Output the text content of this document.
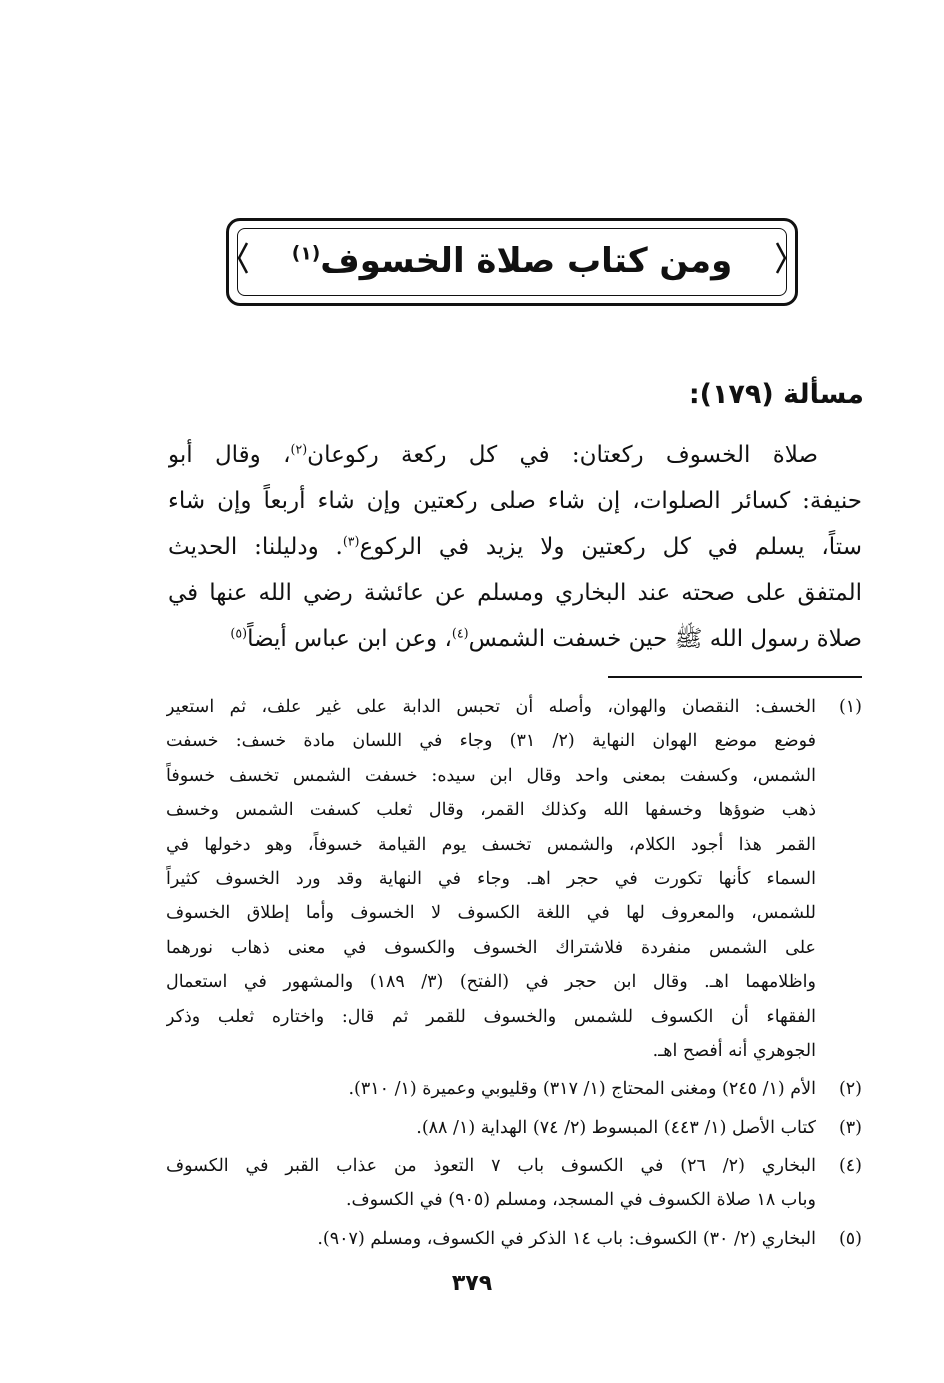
ومن كتاب صلاة الخسوف$^{(١)}$
مسألة (١٧٩):
صلاة الخسوف ركعتان: في كل ركعة ركوعان$^{(٢)}$، وقال أبو
حنيفة: كسائر الصلوات، إن شاء صلى ركعتين وإن شاء أربعاً وإن شاء
ستاً، يسلم في كل ركعتين ولا يزيد في الركوع$^{(٣)}$. ودليلنا: الحديث
المتفق على صحته عند البخاري ومسلم عن عائشة رضي الله عنها في
صلاة رسول الله ﷺ حين خسفت الشمس$^{(٤)}$، وعن ابن عباس أيضاً$^{(٥)}$
(١)
الخسف: النقصان والهوان، وأصله أن تحبس الدابة على غير علف، ثم استعير
فوضع موضع الهوان النهاية (٢/ ٣١) وجاء في اللسان مادة خسف: خسفت
الشمس، وكسفت بمعنى واحد وقال ابن سيده: خسفت الشمس تخسف خسوفاً
ذهب ضوؤها وخسفها الله وكذلك القمر، وقال ثعلب كسفت الشمس وخسف
القمر هذا أجود الكلام، والشمس تخسف يوم القيامة خسوفاً، وهو دخولها في
السماء كأنها تكورت في حجر اهـ. وجاء في النهاية وقد ورد الخسوف كثيراً
للشمس، والمعروف لها في اللغة الكسوف لا الخسوف وأما إطلاق الخسوف
على الشمس منفردة فلاشتراك الخسوف والكسوف في معنى ذهاب نورهما
واظلامهما اهـ. وقال ابن حجر في (الفتح) (٣/ ١٨٩) والمشهور في استعمال
الفقهاء أن الكسوف للشمس والخسوف للقمر ثم قال: واختاره ثعلب وذكر
الجوهري أنه أفصح اهـ.
(٢)
الأم (١/ ٢٤٥) ومغنى المحتاج (١/ ٣١٧) وقليوبي وعميرة (١/ ٣١٠).
(٣)
كتاب الأصل (١/ ٤٤٣) المبسوط (٢/ ٧٤) الهداية (١/ ٨٨).
(٤)
البخاري (٢/ ٢٦) في الكسوف باب ٧ التعوذ من عذاب القبر في الكسوف
وباب ١٨ صلاة الكسوف في المسجد، ومسلم (٩٠٥) في الكسوف.
(٥)
البخاري (٢/ ٣٠) الكسوف: باب ١٤ الذكر في الكسوف، ومسلم (٩٠٧).
٣٧٩
